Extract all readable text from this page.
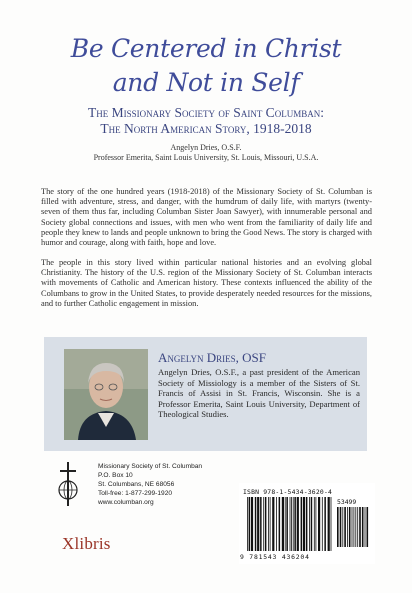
Be Centered in Christ
and Not in Self
The Missionary Society of Saint Columban:
The North American Story, 1918-2018
Angelyn Dries, O.S.F.
Professor Emerita, Saint Louis University, St. Louis, Missouri, U.S.A.
The story of the one hundred years (1918-2018) of the Missionary Society of St. Columban is filled with adventure, stress, and danger, with the humdrum of daily life, with martyrs (twenty-seven of them thus far, including Columban Sister Joan Sawyer), with innumerable personal and Society global connections and issues, with men who went from the familiarity of daily life and people they knew to lands and people unknown to bring the Good News. The story is charged with humor and courage, along with faith, hope and love.
The people in this story lived within particular national histories and an evolving global Christianity. The history of the U.S. region of the Missionary Society of St. Columban interacts with movements of Catholic and American history. These contexts influenced the ability of the Columbans to grow in the United States, to provide desperately needed resources for the missions, and to further Catholic engagement in mission.
Angelyn Dries, OSF
Angelyn Dries, O.S.F., a past president of the American Society of Missiology is a member of the Sisters of St. Francis of Assisi in St. Francis, Wisconsin. She is a Professor Emerita, Saint Louis University, Department of Theological Studies.
Missionary Society of St. Columban
P.O. Box 10
St. Columbans, NE 68056
Toll-free: 1-877-299-1920
www.columban.org
Xlibris
ISBN 978-1-5434-3620-4
53499
9 781543 436204
